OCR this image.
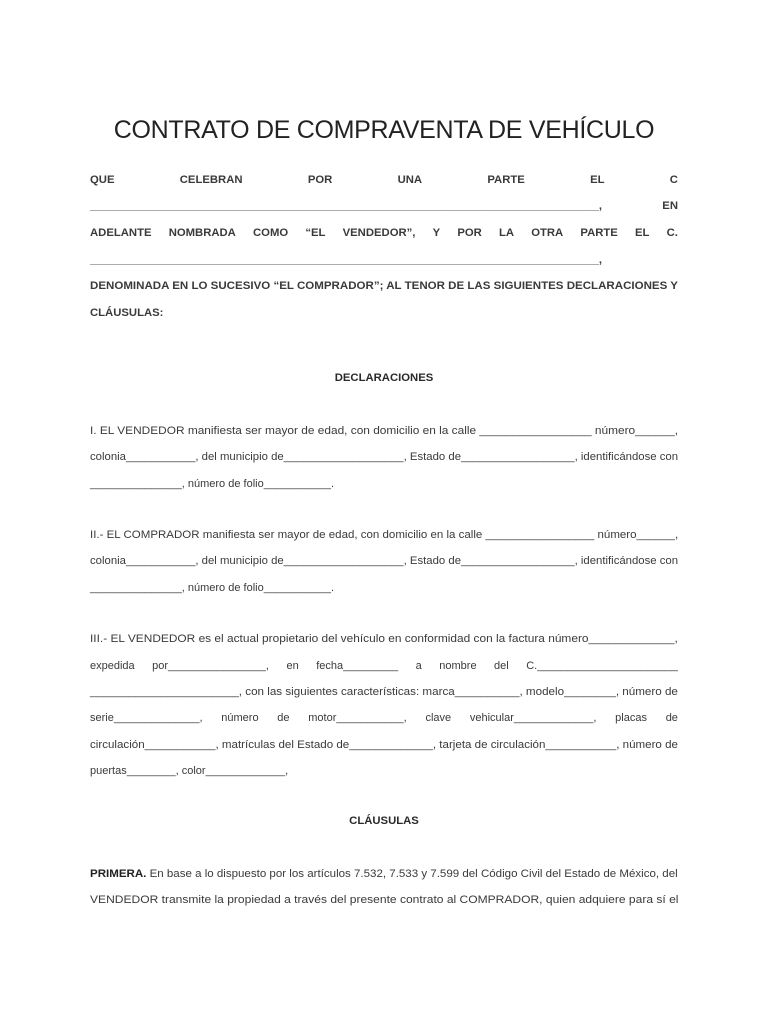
CONTRATO DE COMPRAVENTA DE VEHÍCULO
QUE	CELEBRAN	POR	UNA	PARTE	EL	C
_________________________________________________________________________________,	EN
ADELANTE NOMBRADA COMO “EL VENDEDOR”, Y POR LA OTRA PARTE EL C.
_________________________________________________________________________________,
DENOMINADA EN LO SUCESIVO “EL COMPRADOR”; AL TENOR DE LAS SIGUIENTES DECLARACIONES Y
CLÁUSULAS:
DECLARACIONES
I. EL VENDEDOR manifiesta ser mayor de edad, con domicilio en la calle _________________ número______,
colonia___________, del municipio de___________________, Estado de__________________, identificándose con
_______________, número de folio___________.
II.- EL COMPRADOR manifiesta ser mayor de edad, con domicilio en la calle _________________ número______,
colonia___________, del municipio de___________________, Estado de__________________, identificándose con
_______________, número de folio___________.
III.- EL VENDEDOR es el actual propietario del vehículo en conformidad con la factura número_____________,
expedida por________________, en fecha_________ a nombre del C._______________________
_______________________, con las siguientes características: marca__________, modelo________, número de
serie______________, número de motor___________, clave vehicular_____________, placas de
circulación___________, matrículas del Estado de_____________, tarjeta de circulación___________, número de
puertas________, color_____________,
CLÁUSULAS
PRIMERA. En base a lo dispuesto por los artículos 7.532, 7.533 y 7.599 del Código Civil del Estado de México, del
VENDEDOR transmite la propiedad a través del presente contrato al COMPRADOR, quien adquiere para sí el
